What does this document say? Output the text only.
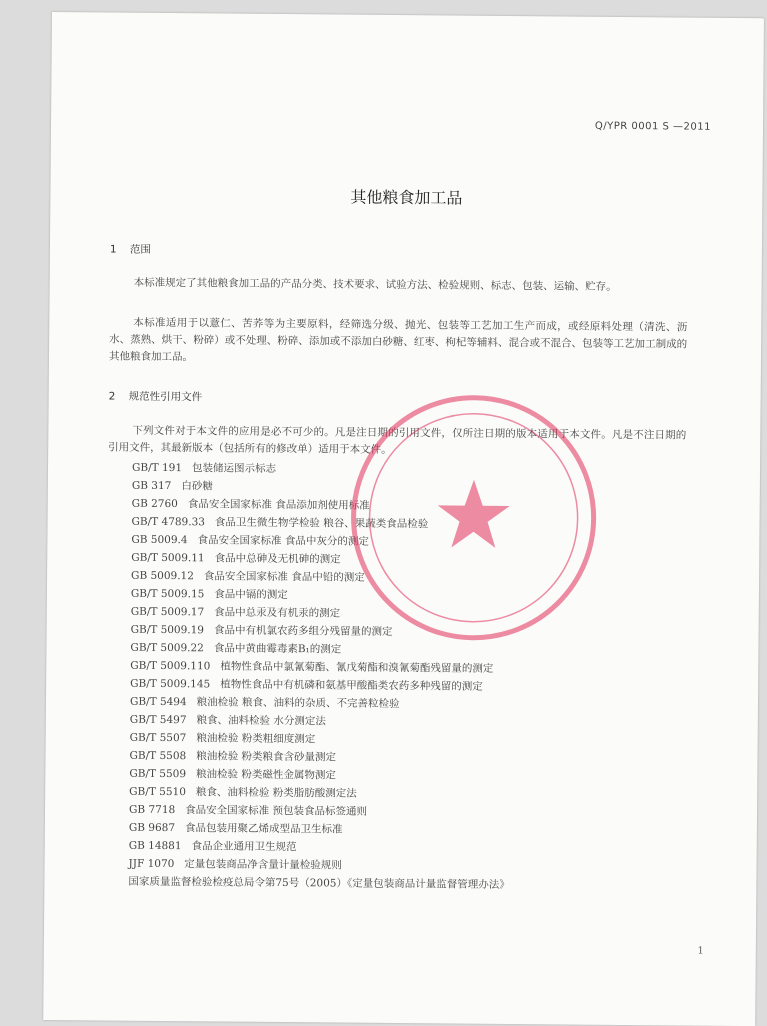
Q/YPR 0001 S —2011
其他粮食加工品
1 范围

本标准规定了其他粮食加工品的产品分类、技术要求、试验方法、检验规则、标志、包装、运输、贮存。

本标准适用于以薏仁、苦荞等为主要原料，经筛选分级、抛光、包装等工艺加工生产而成，或经原料处理（清洗、沥水、蒸熟、烘干、粉碎）或不处理、粉碎、添加或不添加白砂糖、红枣、枸杞等辅料、混合或不混合、包装等工艺加工制成的其他粮食加工品。

2 规范性引用文件

下列文件对于本文件的应用是必不可少的。凡是注日期的引用文件，仅所注日期的版本适用于本文件。凡是不注日期的引用文件，其最新版本（包括所有的修改单）适用于本文件。

GB/T 191 包装储运图示标志
GB 317 白砂糖
GB 2760 食品安全国家标准 食品添加剂使用标准
GB/T 4789.33 食品卫生微生物学检验 粮谷、果蔬类食品检验
GB 5009.4 食品安全国家标准 食品中灰分的测定
GB/T 5009.11 食品中总砷及无机砷的测定
GB 5009.12 食品安全国家标准 食品中铅的测定
GB/T 5009.15 食品中镉的测定
GB/T 5009.17 食品中总汞及有机汞的测定
GB/T 5009.19 食品中有机氯农药多组分残留量的测定
GB/T 5009.22 食品中黄曲霉毒素B₁的测定
GB/T 5009.110 植物性食品中氯氰菊酯、氰戊菊酯和溴氰菊酯残留量的测定
GB/T 5009.145 植物性食品中有机磷和氨基甲酸酯类农药多种残留的测定
GB/T 5494 粮油检验 粮食、油料的杂质、不完善粒检验
GB/T 5497 粮食、油料检验 水分测定法
GB/T 5507 粮油检验 粉类粗细度测定
GB/T 5508 粮油检验 粉类粮食含砂量测定
GB/T 5509 粮油检验 粉类磁性金属物测定
GB/T 5510 粮食、油料检验 粉类脂肪酸测定法
GB 7718 食品安全国家标准 预包装食品标签通则
GB 9687 食品包装用聚乙烯成型品卫生标准
GB 14881 食品企业通用卫生规范
JJF 1070 定量包装商品净含量计量检验规则
国家质量监督检验检疫总局令第75号（2005）《定量包装商品计量监督管理办法》
1
